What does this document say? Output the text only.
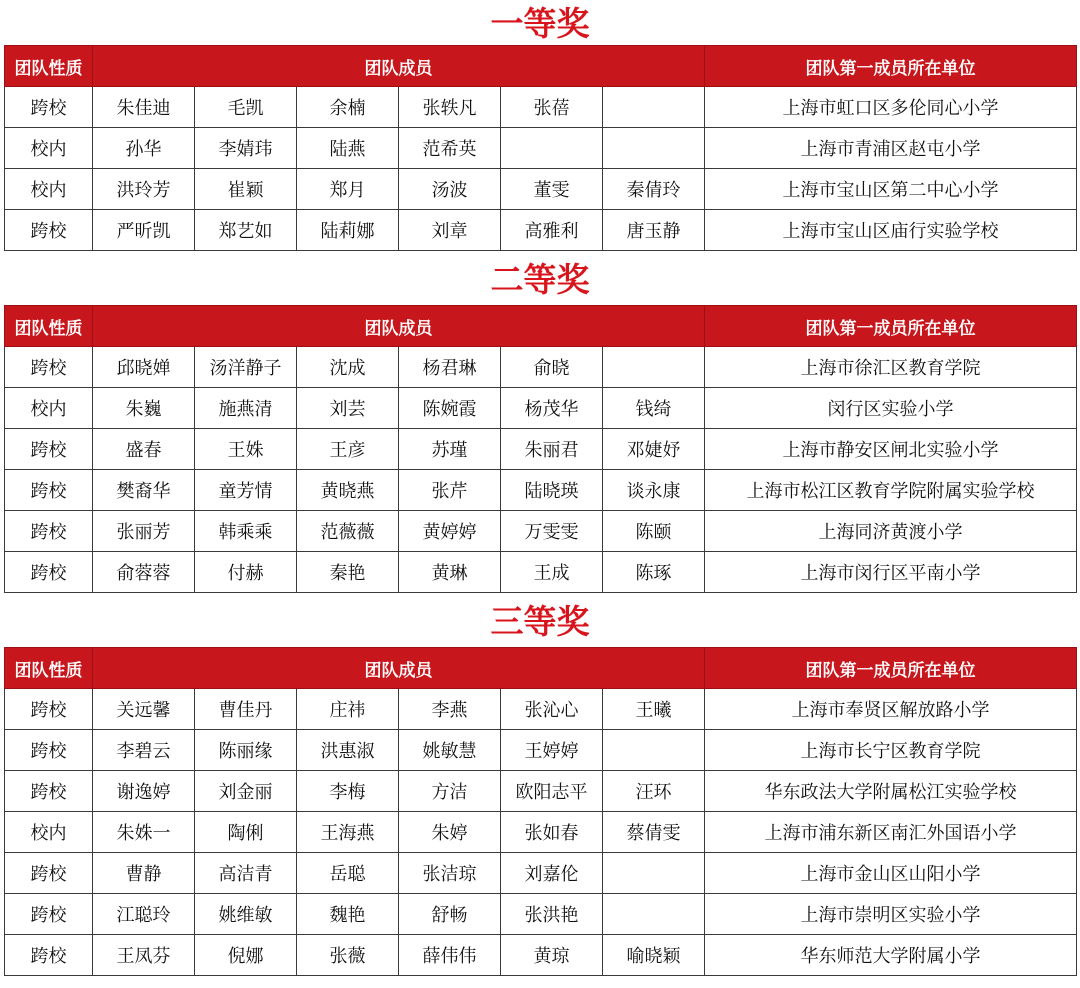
一等奖
团队性质	团队成员						团队第一成员所在单位
跨校	朱佳迪	毛凯	余楠	张轶凡	张蓓		上海市虹口区多伦同心小学
校内	孙华	李婧玮	陆燕	范希英			上海市青浦区赵屯小学
校内	洪玲芳	崔颖	郑月	汤波	董雯	秦倩玲	上海市宝山区第二中心小学
跨校	严昕凯	郑艺如	陆莉娜	刘章	高雅利	唐玉静	上海市宝山区庙行实验学校
二等奖
团队性质	团队成员						团队第一成员所在单位
跨校	邱晓婵	汤洋静子	沈成	杨君琳	俞晓		上海市徐汇区教育学院
校内	朱巍	施燕清	刘芸	陈婉霞	杨茂华	钱绮	闵行区实验小学
跨校	盛春	王姝	王彦	苏瑾	朱丽君	邓婕妤	上海市静安区闸北实验小学
跨校	樊裔华	童芳情	黄晓燕	张芹	陆晓瑛	谈永康	上海市松江区教育学院附属实验学校
跨校	张丽芳	韩乘乘	范薇薇	黄婷婷	万雯雯	陈颐	上海同济黄渡小学
跨校	俞蓉蓉	付赫	秦艳	黄琳	王成	陈琢	上海市闵行区平南小学
三等奖
团队性质	团队成员						团队第一成员所在单位
跨校	关远馨	曹佳丹	庄祎	李燕	张沁心	王曦	上海市奉贤区解放路小学
跨校	李碧云	陈丽缘	洪惠淑	姚敏慧	王婷婷		上海市长宁区教育学院
跨校	谢逸婷	刘金丽	李梅	方洁	欧阳志平	汪环	华东政法大学附属松江实验学校
校内	朱姝一	陶俐	王海燕	朱婷	张如春	蔡倩雯	上海市浦东新区南汇外国语小学
跨校	曹静	高洁青	岳聪	张洁琼	刘嘉伦		上海市金山区山阳小学
跨校	江聪玲	姚维敏	魏艳	舒畅	张洪艳		上海市崇明区实验小学
跨校	王凤芬	倪娜	张薇	薛伟伟	黄琼	喻晓颖	华东师范大学附属小学
